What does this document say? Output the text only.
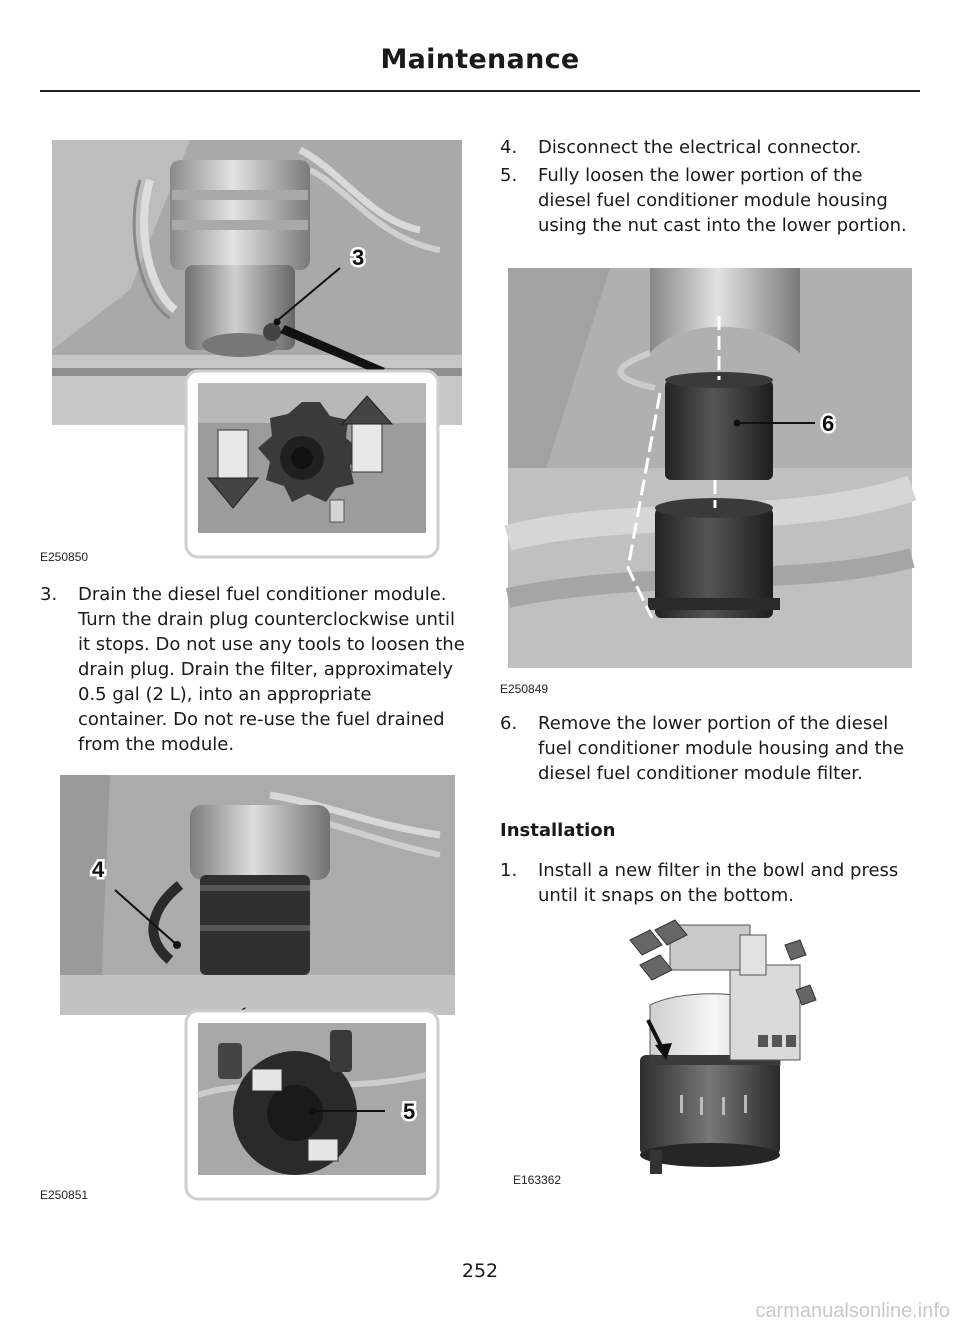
Maintenance
3
E250850
3.	Drain the diesel fuel conditioner module. Turn the drain plug counterclockwise until it stops. Do not use any tools to loosen the drain plug. Drain the filter, approximately 0.5 gal (2 L), into an appropriate container. Do not re-use the fuel drained from the module.
4
5
E250851
4.	Disconnect the electrical connector.
5.	Fully loosen the lower portion of the diesel fuel conditioner module housing using the nut cast into the lower portion.
6
E250849
6.	Remove the lower portion of the diesel fuel conditioner module housing and the diesel fuel conditioner module filter.
Installation
1.	Install a new filter in the bowl and press until it snaps on the bottom.
E163362
252
carmanualsonline.info
